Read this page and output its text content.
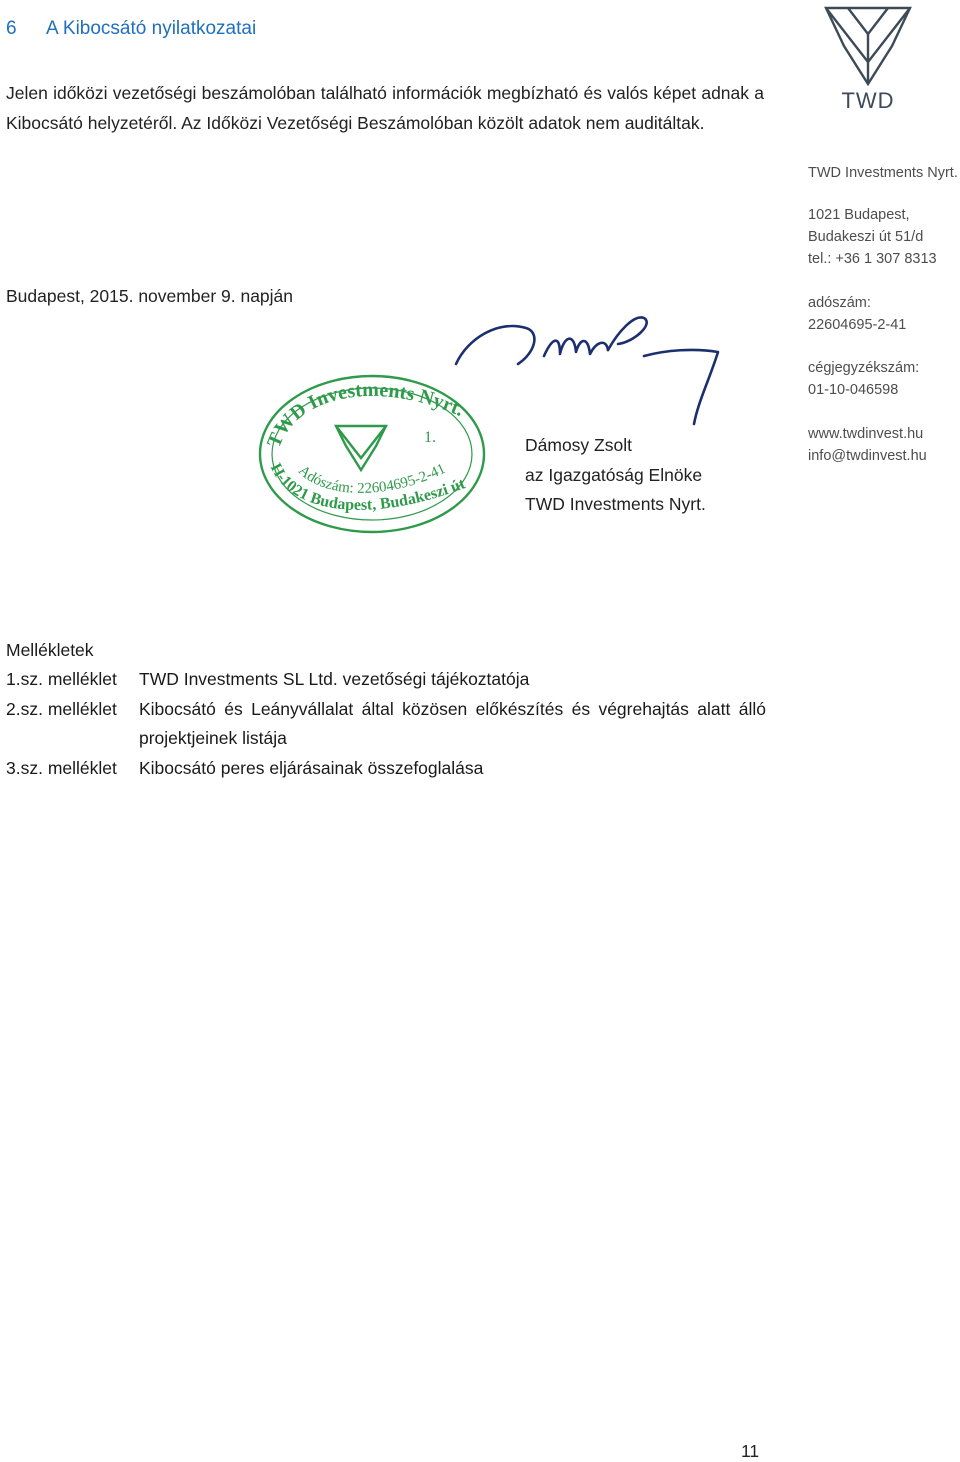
6 A Kibocsátó nyilatkozatai
Jelen időközi vezetőségi beszámolóban található információk megbízható és valós képet adnak a Kibocsátó helyzetéről. Az Időközi Vezetőségi Beszámolóban közölt adatok nem auditáltak.
Budapest, 2015. november 9. napján
TWD
TWD Investments Nyrt.
1021 Budapest,
Budakeszi út 51/d
tel.: +36 1 307 8313
adószám:
22604695-2-41
cégjegyzékszám:
01-10-046598
www.twdinvest.hu
info@twdinvest.hu
TWD Investments Nyrt.
H-1021 Budapest, Budakeszi út
Adószám: 22604695-2-41
1.	Dámosy Zsolt
az Igazgatóság Elnöke
TWD Investments Nyrt.
Mellékletek
1.sz. melléklet	TWD Investments SL Ltd. vezetőségi tájékoztatója
2.sz. melléklet	Kibocsátó és Leányvállalat által közösen előkészítés és végrehajtás alatt álló projektjeinek listája
3.sz. melléklet	Kibocsátó peres eljárásainak összefoglalása
11
